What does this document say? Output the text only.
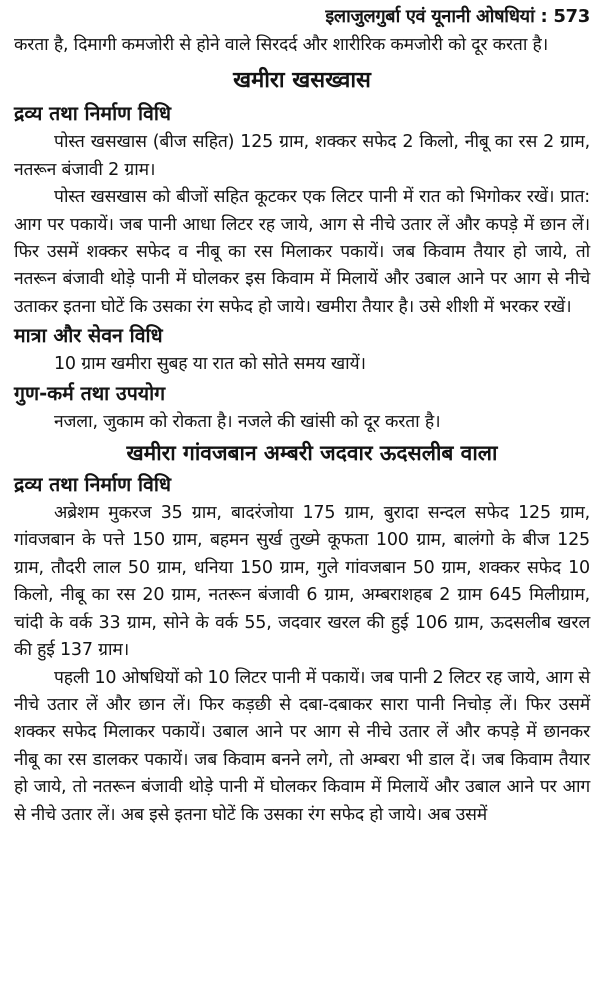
इलाजुलगुर्बा एवं यूनानी ओषधियां : 573

करता है, दिमागी कमजोरी से होने वाले सिरदर्द और शारीरिक कमजोरी को दूर करता है।

खमीरा खसख्वास
द्रव्य तथा निर्माण विधि

पोस्त खसखास (बीज सहित) 125 ग्राम, शक्कर सफेद 2 किलो, नीबू का रस 2 ग्राम, नतरून बंजावी 2 ग्राम।

पोस्त खसखास को बीजों सहित कूटकर एक लिटर पानी में रात को भिगोकर रखें। प्रात: आग पर पकायें। जब पानी आधा लिटर रह जाये, आग से नीचे उतार लें और कपड़े में छान लें। फिर उसमें शक्कर सफेद व नीबू का रस मिलाकर पकायें। जब किवाम तैयार हो जाये, तो नतरून बंजावी थोड़े पानी में घोलकर इस किवाम में मिलायें और उबाल आने पर आग से नीचे उताकर इतना घोटें कि उसका रंग सफेद हो जाये। खमीरा तैयार है। उसे शीशी में भरकर रखें।

मात्रा और सेवन विधि

10 ग्राम खमीरा सुबह या रात को सोते समय खायें।

गुण-कर्म तथा उपयोग

नजला, जुकाम को रोकता है। नजले की खांसी को दूर करता है।

खमीरा गांवजबान अम्बरी जदवार ऊदसलीब वाला
द्रव्य तथा निर्माण विधि

अब्रेशम मुकरज 35 ग्राम, बादरंजोया 175 ग्राम, बुरादा सन्दल सफेद 125 ग्राम, गांवजबान के पत्ते 150 ग्राम, बहमन सुर्ख तुख्मे कूफता 100 ग्राम, बालंगो के बीज 125 ग्राम, तौदरी लाल 50 ग्राम, धनिया 150 ग्राम, गुले गांवजबान 50 ग्राम, शक्कर सफेद 10 किलो, नीबू का रस 20 ग्राम, नतरून बंजावी 6 ग्राम, अम्बराशहब 2 ग्राम 645 मिलीग्राम, चांदी के वर्क 33 ग्राम, सोने के वर्क 55, जदवार खरल की हुई 106 ग्राम, ऊदसलीब खरल की हुई 137 ग्राम।

पहली 10 ओषधियों को 10 लिटर पानी में पकायें। जब पानी 2 लिटर रह जाये, आग से नीचे उतार लें और छान लें। फिर कड़छी से दबा-दबाकर सारा पानी निचोड़ लें। फिर उसमें शक्कर सफेद मिलाकर पकायें। उबाल आने पर आग से नीचे उतार लें और कपड़े में छानकर नीबू का रस डालकर पकायें। जब किवाम बनने लगे, तो अम्बरा भी डाल दें। जब किवाम तैयार हो जाये, तो नतरून बंजावी थोड़े पानी में घोलकर किवाम में मिलायें और उबाल आने पर आग से नीचे उतार लें। अब इसे इतना घोटें कि उसका रंग सफेद हो जाये। अब उसमें
